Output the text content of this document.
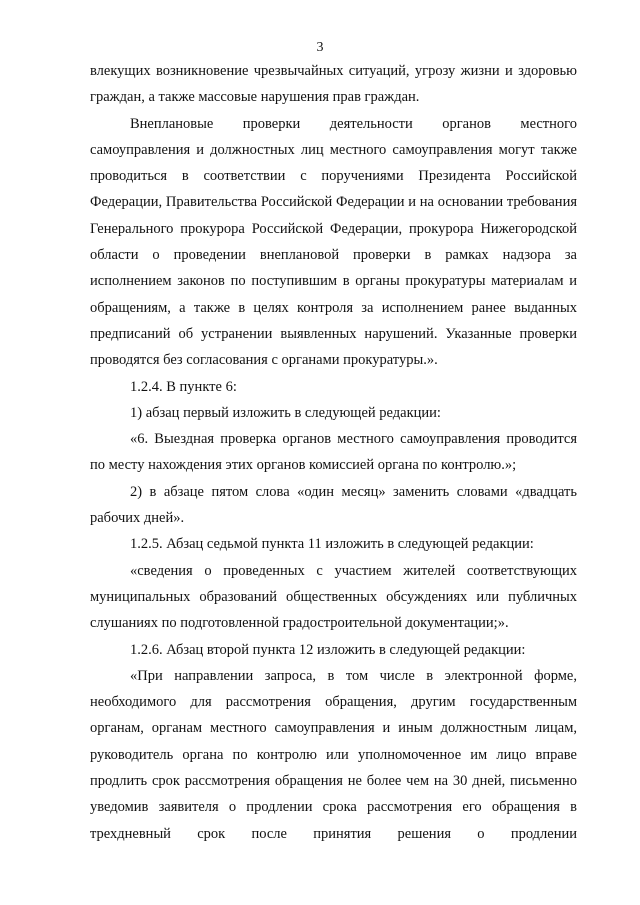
3

влекущих возникновение чрезвычайных ситуаций, угрозу жизни и здоровью граждан, а также массовые нарушения прав граждан.

Внеплановые проверки деятельности органов местного самоуправления и должностных лиц местного самоуправления могут также проводиться в соответствии с поручениями Президента Российской Федерации, Правительства Российской Федерации и на основании требования Генерального прокурора Российской Федерации, прокурора Нижегородской области о проведении внеплановой проверки в рамках надзора за исполнением законов по поступившим в органы прокуратуры материалам и обращениям, а также в целях контроля за исполнением ранее выданных предписаний об устранении выявленных нарушений. Указанные проверки проводятся без согласования с органами прокуратуры.».

1.2.4. В пункте 6:

1) абзац первый изложить в следующей редакции:

«6. Выездная проверка органов местного самоуправления проводится по месту нахождения этих органов комиссией органа по контролю.»;

2) в абзаце пятом слова «один месяц» заменить словами «двадцать рабочих дней».

1.2.5. Абзац седьмой пункта 11 изложить в следующей редакции:

«сведения о проведенных с участием жителей соответствующих муниципальных образований общественных обсуждениях или публичных слушаниях по подготовленной градостроительной документации;».

1.2.6. Абзац второй пункта 12 изложить в следующей редакции:

«При направлении запроса, в том числе в электронной форме, необходимого для рассмотрения обращения, другим государственным органам, органам местного самоуправления и иным должностным лицам, руководитель органа по контролю или уполномоченное им лицо вправе продлить срок рассмотрения обращения не более чем на 30 дней, письменно уведомив заявителя о продлении срока рассмотрения его обращения в трехдневный срок после принятия решения о продлении
